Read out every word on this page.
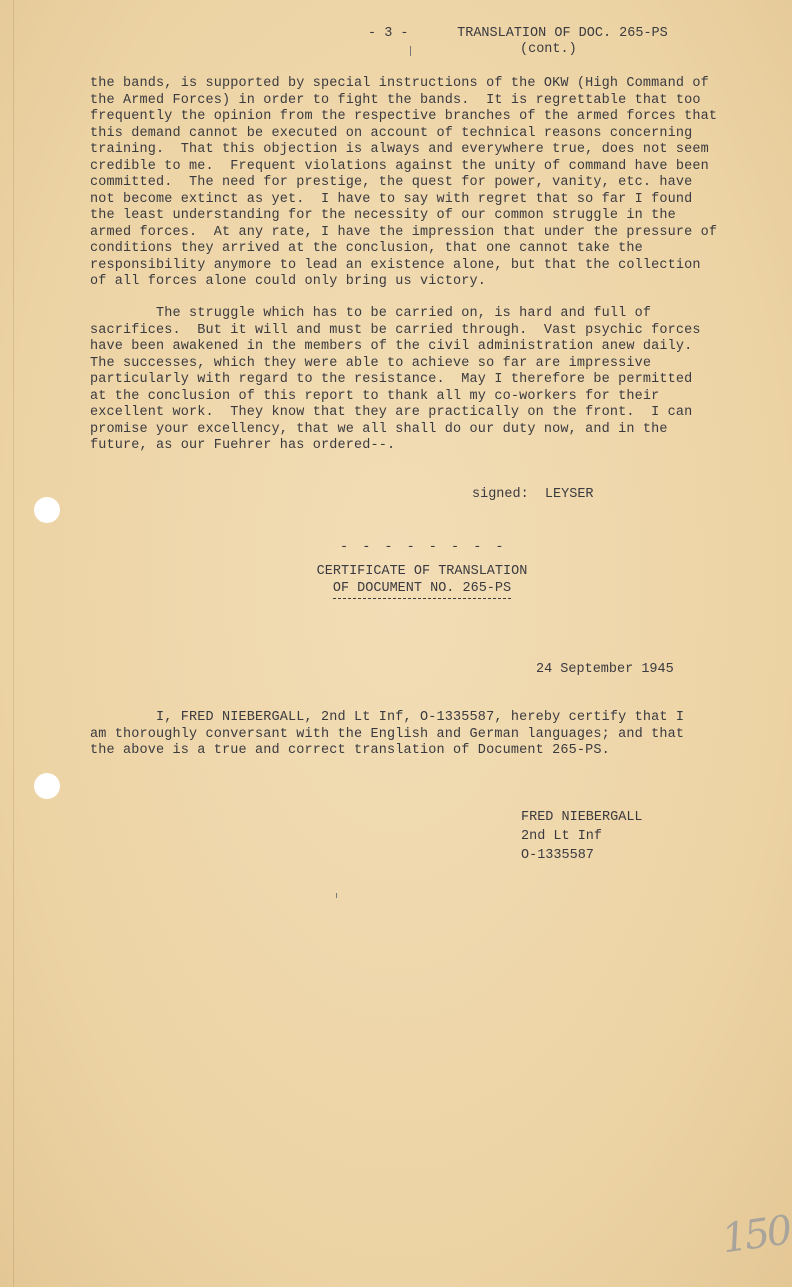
- 3 -	TRANSLATION OF DOC. 265-PS
(cont.)
the bands, is supported by special instructions of the OKW (High Command of
the Armed Forces) in order to fight the bands.  It is regrettable that too
frequently the opinion from the respective branches of the armed forces that
this demand cannot be executed on account of technical reasons concerning
training.  That this objection is always and everywhere true, does not seem
credible to me.  Frequent violations against the unity of command have been
committed.  The need for prestige, the quest for power, vanity, etc. have
not become extinct as yet.  I have to say with regret that so far I found
the least understanding for the necessity of our common struggle in the
armed forces.  At any rate, I have the impression that under the pressure of
conditions they arrived at the conclusion, that one cannot take the
responsibility anymore to lead an existence alone, but that the collection
of all forces alone could only bring us victory.
The struggle which has to be carried on, is hard and full of
sacrifices.  But it will and must be carried through.  Vast psychic forces
have been awakened in the members of the civil administration anew daily.
The successes, which they were able to achieve so far are impressive
particularly with regard to the resistance.  May I therefore be permitted
at the conclusion of this report to thank all my co-workers for their
excellent work.  They know that they are practically on the front.  I can
promise your excellency, that we all shall do our duty now, and in the
future, as our Fuehrer has ordered--.
signed:  LEYSER
- - - - - - - -
CERTIFICATE OF TRANSLATION
OF DOCUMENT NO. 265-PS
24 September 1945
I, FRED NIEBERGALL, 2nd Lt Inf, O-1335587, hereby certify that I
am thoroughly conversant with the English and German languages; and that
the above is a true and correct translation of Document 265-PS.
FRED NIEBERGALL
2nd Lt Inf
O-1335587
150
